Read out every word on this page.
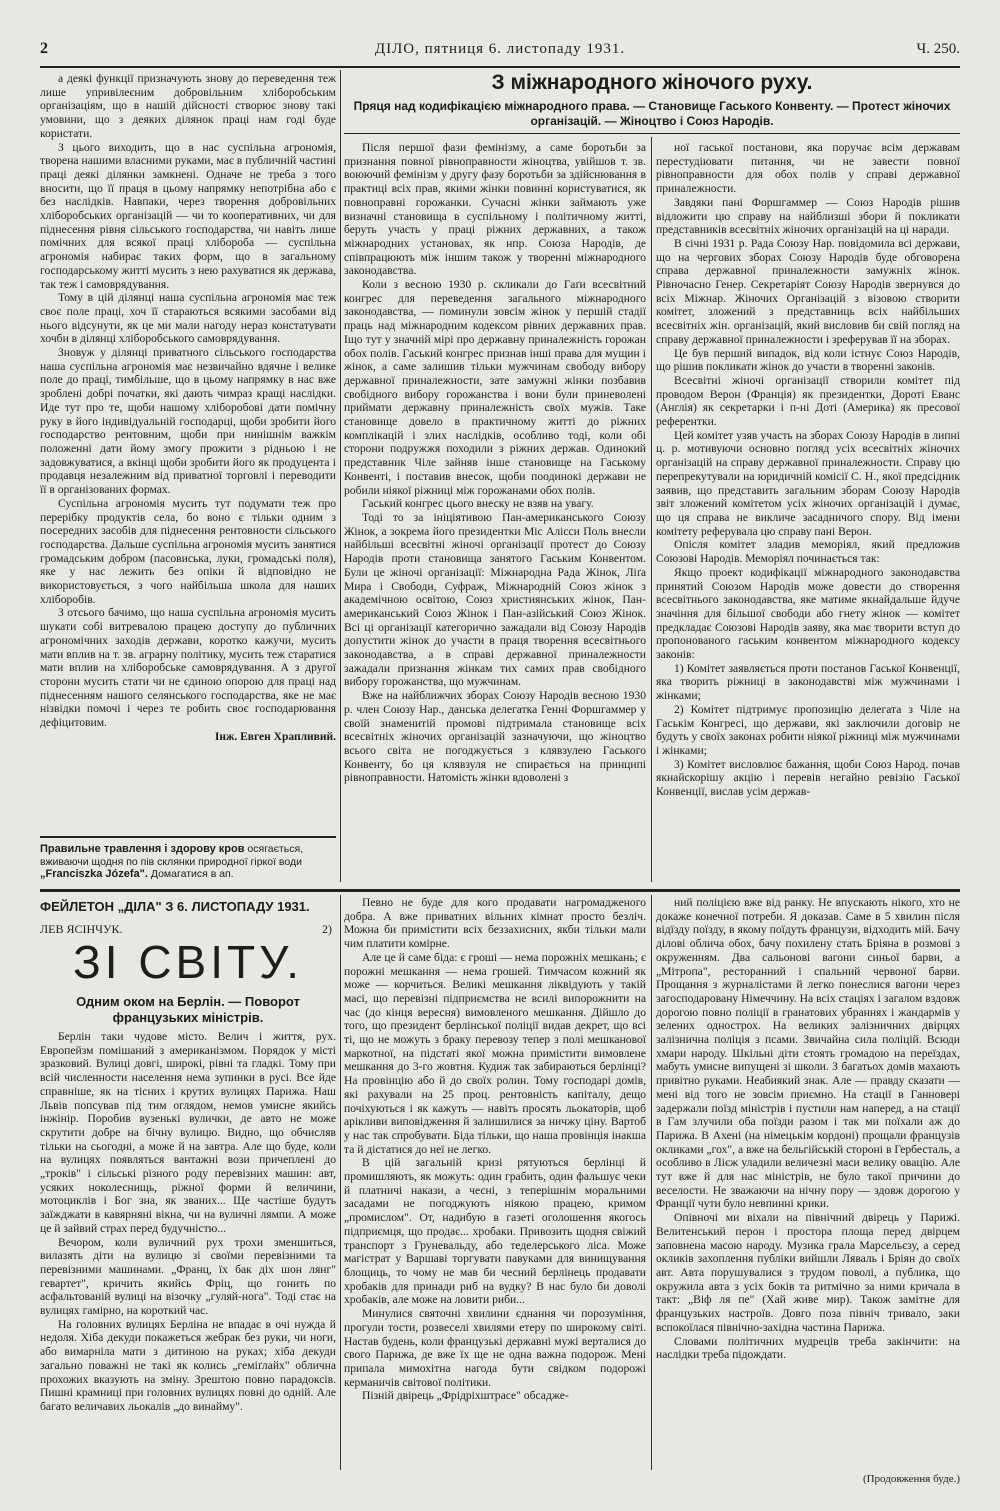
2	ДІЛО, пятниця 6. листопаду 1931.	Ч. 250.

а деякі функції призначують знову до переведення теж лише упривілеєним добровільним хліборобським організаціям, що в нашій дійсності створює знову такі умовини, що з деяких ділянок праці нам годі буде користати.

З цього виходить, що в нас суспільна агрономія, творена нашими власними руками, має в публичній частині праці деякі ділянки замкнені. Одначе не треба з того вносити, що її праця в цьому напрямку непотрібна або є без наслідків. Навпаки, через творення добровільних хліборобських організацій — чи то кооперативних, чи для піднесення рівня сільського господарства, чи навіть лише помічних для всякої праці хлібороба — суспільна агрономія набирає таких форм, що в загальному господарському житті мусить з нею рахуватися як держава, так теж і самоврядування.

Тому в цій ділянці наша суспільна агрономія має теж своє поле праці, хоч її стараються всякими засобами від нього відсунути, як це ми мали нагоду нераз констатувати хочби в ділянці хліборобського самоврядування.

Зновуж у ділянці приватного сільського господарства наша суспільна агрономія має незвичайно вдячне і велике поле до праці, тимбільше, що в цьому напрямку в нас вже зроблені добрі початки, які дають чимраз кращі наслідки. Иде тут про те, щоби нашому хліборобові дати помічну руку в його індивідуальній господарці, щоби зробити його господарство рентовним, щоби при нинішнім важкім положенні дати йому змогу прожити з рідньою і не задовжуватися, а вкінці щоби зробити його як продуцента і продавця незалежним від приватної торговлі і переводити її в організованих формах.

Суспільна агрономія мусить тут подумати теж про перерібку продуктів села, бо воно є тільки одним з посередних засобів для піднесення рентовности сільського господарства. Дальше суспільна агрономія мусить занятися громадським добром (пасовиська, луки, громадські поля), яке у нас лежить без опіки й відповідно не використовується, з чого найбільша школа для наших хліборобів.

З отсього бачимо, що наша суспільна агрономія мусить шукати собі витревалою працею доступу до публичних агрономічних заходів держави, коротко кажучи, мусить мати вплив на т. зв. аграрну політику, мусить теж старатися мати вплив на хліборобське самоврядування. А з другої сторони мусить стати чи не єдиною опорою для праці над піднесенням нашого селянського господарства, яке не має нізвідки помочі і через те робить своє господарювання дефіцитовим.

Інж. Евген Храпливий.
Правильне травлення і здорову кров осягається, вживаючи щодня по пів склянки природної гіркої води „Franciszka Józefa". Домагатися в ап.
З міжнародного жіночого руху.
Пряця над кодифікацією міжнародного права. — Становище Гаського Конвенту. — Протест жіночих організацій. — Жіноцтво і Союз Народів.

Після першої фази фемінізму, а саме боротьби за признання повної рівноправности жіноцтва, увійшов т. зв. воюючий фемінізм у другу фазу боротьби за здійснювання в практиці всіх прав, якими жінки повинні користуватися, як повноправні горожанки. Сучасні жінки займають уже визначні становища в суспільному і політичному житті, беруть участь у праці ріжних державних, а також міжнародних установах, як нпр. Союза Народів, де співпрацюють між іншим також у творенні міжнародного законодавства.

Коли з весною 1930 р. скликали до Гаґи всесвітний конгрес для переведення загального міжнародного законодавства, — поминули зовсім жінок у першій стадії праць над міжнародним кодексом рівних державних прав. Іщо тут у значній мірі про державну приналежність горожан обох полів. Гаський конгрес признав інші права для мущин і жінок, а саме залишив тільки мужчинам свободу вибору державної приналежности, зате замужні жінки позбавив свобідного вибору горожанства і вони були приневолені приймати державну приналежність своїх мужів. Таке становище довело в практичному житті до ріжних комплікацій і злих наслідків, особливо тоді, коли обі сторони подружжя походили з ріжних держав. Одинокий представник Чіле зайняв інше становище на Гаському Конвенті, і поставив внесок, щоби поодинокі держави не робили ніякої ріжниці між горожанами обох полів.

Гаський конгрес цього внеску не взяв на увагу.

Тоді то за ініціятивою Пан-американського Союзу Жінок, а зокрема його президентки Міс Алісси Поль внесли найбільші всесвітні жіночі організації протест до Союзу Народів проти становища занятого Гаським Конвентом. Були це жіночі організації: Міжнародна Рада Жінок, Ліґа Мира і Свободи, Суфраж, Міжнародній Союз жінок з академічною освітою, Союз християнських жінок, Пан-американський Союз Жінок і Пан-азійський Союз Жінок. Всі ці організації категорично зажадали від Союзу Народів допустити жінок до участи в праця творення всесвітнього законодавства, а в справі державної приналежности зажадали признання жінкам тих самих прав свобідного вибору горожанства, що мужчинам.

Вже на найближчих зборах Союзу Народів весною 1930 р. член Союзу Нар., данська делегатка Генні Форшгаммер у своїй знаменитій промові підтримала становище всіх всесвітніх жіночих організацій зазначуючи, що жіноцтво всього світа не погоджується з клявзулею Гаського Конвенту, бо ця клявзуля не спирається на принципі рівноправности. Натомість жінки вдоволені з

ної гаської постанови, яка поручає всім державам перестудіювати питання, чи не завести повної рівноправности для обох полів у справі державної приналежности.

Завдяки пані Форшгаммер — Союз Народів рішив відложити цю справу на найблизші збори й покликати представників всесвітніх жіночих організацій на ці наради.

В січні 1931 р. Рада Союзу Нар. повідомила всі держави, що на чергових зборах Союзу Народів буде обговорена справа державної приналежности замужніх жінок. Рівночасно Генер. Секретаріят Союзу Народів звернувся до всіх Міжнар. Жіночих Організацій з візовою створити комітет, зложений з представниць всіх найбільших всесвітніх жін. організацій, який висловив би свій погляд на справу державної приналежности і зреферував її на зборах.

Це був перший випадок, від коли істнує Союз Народів, що рішив покликати жінок до участи в творенні законів.

Всесвітні жіночі організації створили комітет під проводом Верон (Франція) як президентки, Дороті Еванс (Англія) як секретарки і п-ні Доті (Америка) як пресової референтки.

Цей комітет узяв участь на зборах Союзу Народів в липні ц. р. мотивуючи основно погляд усіх всесвітніх жіночих організацій на справу державної приналежности. Справу цю перепрекутували на юридичній комісії С. Н., якої предсідник заявив, що представить загальним зборам Союзу Народів звіт зложений комітетом усіх жіночих організацій і думає, що ця справа не викличе засадничого спору. Від імени комітету реферувала цю справу пані Верон.

Опісля комітет зладив меморіял, який предложив Союзові Народів. Меморіял починається так:

Якщо проект кодифікації міжнародного законодавства принятий Союзом Народів може довести до створення всесвітнього законодавства, яке матиме якнайдальше йдуче значіння для більшої свободи або гнету жінок — комітет предкладає Союзові Народів заяву, яка має творити вступ до пропонованого гаським конвентом міжнародного кодексу законів:

1) Комітет заявляється проти постанов Гаської Конвенції, яка творить ріжниці в законодавстві між мужчинами і жінками;

2) Комітет підтримує пропозицію делегата з Чіле на Гаськім Конгресі, що держави, які заключили договір не будуть у своїх законах робити ніякої ріжниці між мужчинами і жінками;

3) Комітет висловлює бажання, щоби Союз Народ. почав якнайскорішу акцію і перевів негайно ревізію Гаської Конвенції, вислав усім держав-

ФЕЙЛЕТОН „ДІЛА" З 6. ЛИСТОПАДУ 1931.
ЛЕВ ЯСІНЧУК.	2)
ЗІ СВІТУ.
Одним оком на Берлін. — Поворот французьких міністрів.

Берлін таки чудове місто. Велич і життя, рух. Европейзм помішаний з американізмом. Порядок у місті зразковий. Вулиці довгі, широкі, рівні та гладкі. Тому при всій численности населення нема зупинки в русі. Все йде справніше, як на тісних і крутих вулицях Парижа. Наш Львів попсував під тим оглядом, немов умисне якийсь інжінір. Поробив вузенькі вулички, де авто не може скрутити добре на бічну вулицю. Видно, що обчисляв тільки на сьогодні, а може й на завтра. Але що буде, коли на вулицях появляться вантажні вози причеплені до „троків" і сільські різного роду перевізних машин: авт, усяких ноколеснищь, ріжної форми й величини, мотоциклів і Бог зна, як званих... Ще частіше будуть заїжджати в кавярняні вікна, чи на вуличні лямпи. А може це й зайвий страх перед будучністю...

Вечором, коли вуличний рух трохи зменшиться, вилазять діти на вулицю зі своїми перевізними та перевізними машинами. „Франц, їх бак діх шон лянг" гевартет", кричить якийсь Фріц, що гонить по асфальтованій вулиці на візочку „гуляй-нога". Тоді стає на вулицях гамірно, на короткий час.

На головних вулицях Берліна не впадає в очі нужда й недоля. Хіба декуди покажеться жебрак без руки, чи ноги, або вимарніла мати з дитиною на руках; хіба декуди загально поважні не такі як колись „геміґлайх" облична прохожих вказують на зміну. Зрештою повно парадоксів. Пишні крамниці при головних вулицях повні до одній. Але багато величавих льокалів „до винайму".

Певно не буде для кого продавати нагромадженого добра. А вже приватних вільних кімнат просто безліч. Можна би примістити всіх беззахисних, якби тільки мали чим платити комірне.

Але це й саме біда: є гроші — нема порожніх мешкань; є порожні мешкання — нема грошей. Тимчасом кожний як може — корчиться. Великі мешкання ліквідують у такій масі, що перевізні підприємства не всилі випорожнити на час (до кінця вересня) вимовленого мешкання. Дійшло до того, що президент берлінської поліції видав декрет, що всі ті, що не можуть з браку перевозу тепер з полі мешканової маркотної, на підстаті якої можна примістити вимовлене мешкання до 3-го жовтня. Кудиж так забираються берлінці? На провінцію або й до своїх ролин. Тому господарі домів, які рахували на 25 проц. рентовність капіталу, дещо почіхуються і як кажуть — навіть просять льокаторів, щоб арікливи виповідження й залишилися за ничжу ціну. Вартоб у нас так спробувати. Біда тільки, що наша провінція інакша та й дістатися до неї не легко.

В цій загальній кризі рятуються берлінці й промишляють, як можуть: один грабить, один фальшує чеки й платничі накази, а чесні, з теперішнім моральними засадами не погоджують ніякою працею, кримом „промислом". От, надибую в газеті оголошення якогось підприємця, що продає... хробаки. Привозить щодня свіжий транспорт з Груневальду, або теделерського ліса. Може магістрат у Варшаві торгувати павуками для винищування блощиць, то чому не мав би чесний берлінець продавати хробаків для принади риб на вудку? В нас було би доволі хробаків, але може на ловити риби...

Минулися святочні хвилини єднання чи порозуміння, прогули тости, розвеселі хвилями етеру по широкому світі. Настав будень, коли французькі державні мужі верталися до свого Парижа, де вже їх ще не одна важна подорож. Мені припала мимохітна нагода бути свідком подорожі керманичів світової політики.

Пізній двірець „Фрідріхштрасе" обсадже-

ний поліцією вже від ранку. Не впускають нікого, хто не докаже конечної потреби. Я доказав. Саме в 5 хвилин після відїзду поїзду, в якому поїдуть французи, відходить мій. Бачу ділові облича обох, бачу похилену стать Бріяна в розмові з окруженням. Два сальонові вагони синьої барви, а „Мітропа", ресторанний і спальний червоної барви. Прощання з журналістами й легко понеслися вагони через загосподаровану Німеччину. На всіх стаціях і загалом вздовж дорогою повно поліції в гранатових убраннях і жандармів у зелених однострох. На великих залізничних двірцях залізнична поліція з псами. Звичайна сила поліцій. Всюди хмари народу. Шкільні діти стоять громадою на переїздах, мабуть умисне випущені зі школи. З багатьох домів махають привітно руками. Неабиякий знак. Але — правду сказати — мені від того не зовсім приємно. На стації в Ганновері задержали поїзд міністрів і пустили нам наперед, а на стації в Гам злучили оба поїзди разом і так ми поїхали аж до Парижа. В Ахені (на німецькім кордоні) прощали французів окликами „гох", а вже на бельгійській стороні в Гербесталь, а особливо в Лієж уладили величезні маси велику овацію. Але тут вже й для нас міністрів, не було такої причини до веселости. Не зважаючи на нічну пору — здовж дорогою у Франції чути було невпинні крики.

Опівночі ми віхали на північний двірець у Парижі. Велитенський перон і простора площа перед двірцем заповнена масою народу. Музика грала Марсельєзу, а серед окликів захоплення публіки вийшли Ляваль і Бріян до своїх авт. Авта порушувалися з трудом поволі, а публика, що окружила авта з усіх боків та ритмічно за ними кричала в такт: „Віф ля пе" (Хай живе мир). Також замітне для французьких настроїв. Довго поза північ тривало, заки вспокоїлася північно-західна частина Парижа.

Словами політичних мудреців треба закінчити: на наслідки треба підождати.

(Продовження буде.)
